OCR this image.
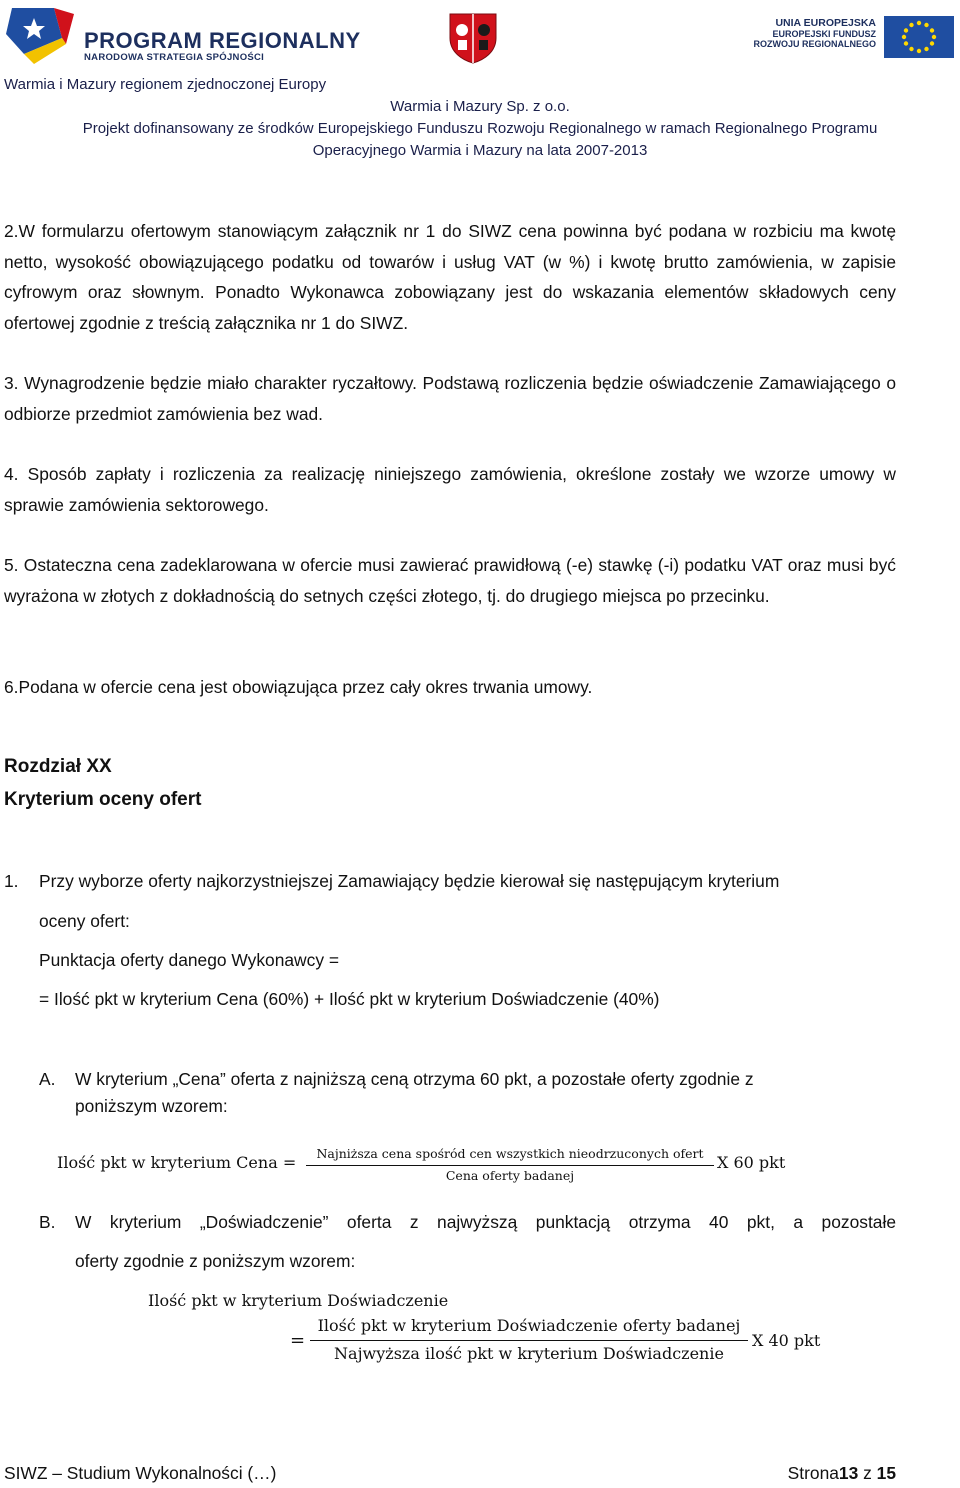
PROGRAM REGIONALNY
NARODOWA STRATEGIA SPÓJNOŚCI
UNIA EUROPEJSKA
EUROPEJSKI FUNDUSZ
ROZWOJU REGIONALNEGO
Warmia i Mazury regionem zjednoczonej Europy
Warmia i Mazury Sp. z o.o.
Projekt dofinansowany ze środków Europejskiego Funduszu Rozwoju Regionalnego w ramach Regionalnego Programu
Operacyjnego Warmia i Mazury na lata 2007-2013
2.W formularzu ofertowym stanowiącym załącznik nr 1 do SIWZ cena powinna być podana w rozbiciu ma kwotę netto, wysokość obowiązującego podatku od towarów i usług VAT (w %) i kwotę brutto zamówienia, w zapisie cyfrowym oraz słownym. Ponadto Wykonawca zobowiązany jest do wskazania elementów składowych ceny ofertowej zgodnie z treścią załącznika nr 1 do SIWZ.
3. Wynagrodzenie będzie miało charakter ryczałtowy. Podstawą rozliczenia będzie oświadczenie Zamawiającego o odbiorze przedmiot zamówienia bez wad.
4. Sposób zapłaty i rozliczenia za realizację niniejszego zamówienia, określone zostały we wzorze umowy w sprawie zamówienia sektorowego.
5. Ostateczna cena zadeklarowana w ofercie musi zawierać prawidłową (-e) stawkę (-i) podatku VAT oraz musi być wyrażona w złotych z dokładnością do setnych części złotego, tj. do drugiego miejsca po przecinku.
6.Podana w ofercie cena jest obowiązująca przez cały okres trwania umowy.
Rozdział XX
Kryterium oceny ofert
1. Przy wyborze oferty najkorzystniejszej Zamawiający będzie kierował się następującym kryterium
oceny ofert:
Punktacja oferty danego Wykonawcy =
= Ilość pkt w kryterium Cena (60%) + Ilość pkt w kryterium Doświadczenie (40%)
A. W kryterium „Cena” oferta z najniższą ceną otrzyma 60 pkt, a pozostałe oferty zgodnie z
poniższym wzorem:
Ilość pkt w kryterium Cena =	Najniższa cena spośród cen wszystkich nieodrzuconych ofert
Cena oferty badanej
X 60 pkt
B. W kryterium „Doświadczenie” oferta z najwyższą punktacją otrzyma 40 pkt, a pozostałe
oferty zgodnie z poniższym wzorem:
Ilość pkt w kryterium Doświadczenie
=
Ilość pkt w kryterium Doświadczenie oferty badanej
Najwyższa ilość pkt w kryterium Doświadczenie
X 40 pkt
SIWZ – Studium Wykonalności (…)	Strona13 z 15
